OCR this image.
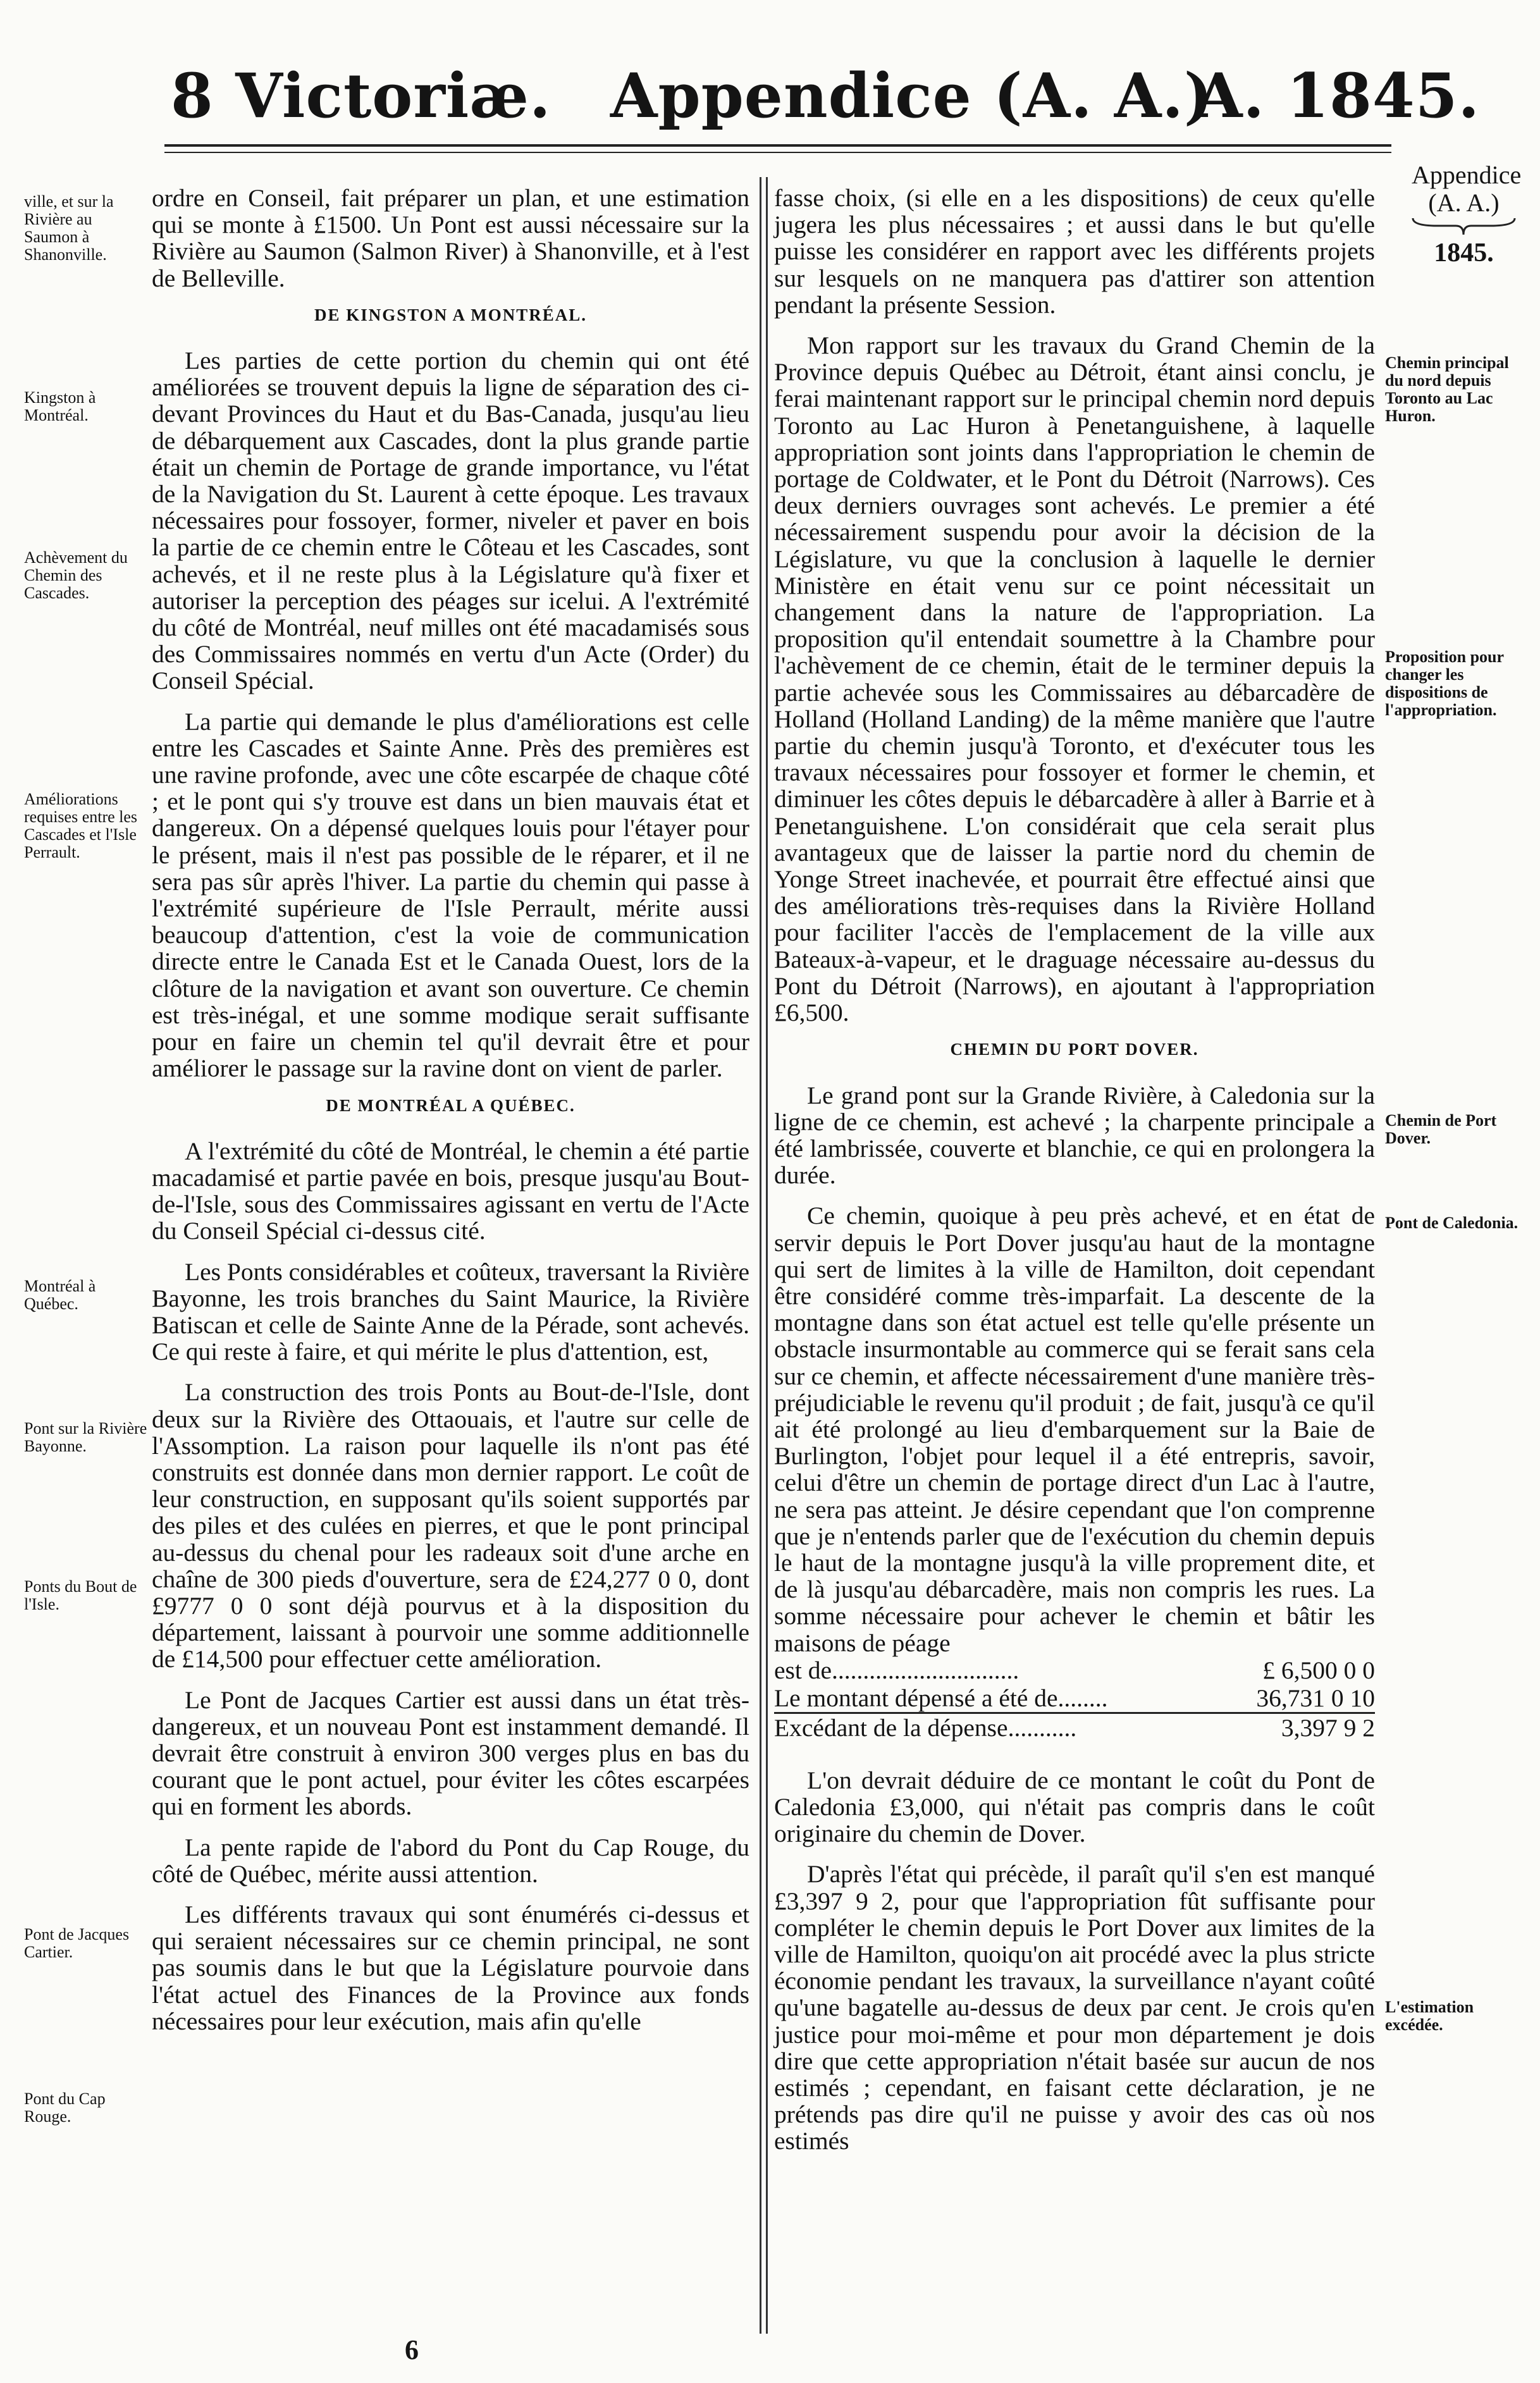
8 Victoriæ. Appendice (A. A.)
A. 1845.
Appendice
(A. A.)
1845.
ville, et sur la Rivière au Saumon à Shanonville.
Kingston à Montréal.
Achèvement du Chemin des Cascades.
Améliorations requises entre les Cascades et l'Isle Perrault.
Montréal à Québec.
Pont sur la Rivière Bayonne.
Ponts du Bout de l'Isle.
Pont de Jacques Cartier.
Pont du Cap Rouge.
Chemin principal du nord depuis Toronto au Lac Huron.
Proposition pour changer les dispositions de l'appropriation.
Chemin de Port Dover.
Pont de Caledonia.
L'estimation excédée.

ordre en Conseil, fait préparer un plan, et une estimation qui se monte à £1500. Un Pont est aussi nécessaire sur la Rivière au Saumon (Salmon River) à Shanonville, et à l'est de Belleville.

DE KINGSTON A MONTRÉAL.

Les parties de cette portion du chemin qui ont été améliorées se trouvent depuis la ligne de séparation des ci-devant Provinces du Haut et du Bas-Canada, jusqu'au lieu de débarquement aux Cascades, dont la plus grande partie était un chemin de Portage de grande importance, vu l'état de la Navigation du St. Laurent à cette époque. Les travaux nécessaires pour fossoyer, former, niveler et paver en bois la partie de ce chemin entre le Côteau et les Cascades, sont achevés, et il ne reste plus à la Législature qu'à fixer et autoriser la perception des péages sur icelui. A l'extrémité du côté de Montréal, neuf milles ont été macadamisés sous des Commissaires nommés en vertu d'un Acte (Order) du Conseil Spécial.

La partie qui demande le plus d'améliorations est celle entre les Cascades et Sainte Anne. Près des premières est une ravine profonde, avec une côte escarpée de chaque côté ; et le pont qui s'y trouve est dans un bien mauvais état et dangereux. On a dépensé quelques louis pour l'étayer pour le présent, mais il n'est pas possible de le réparer, et il ne sera pas sûr après l'hiver. La partie du chemin qui passe à l'extrémité supérieure de l'Isle Perrault, mérite aussi beaucoup d'attention, c'est la voie de communication directe entre le Canada Est et le Canada Ouest, lors de la clôture de la navigation et avant son ouverture. Ce chemin est très-inégal, et une somme modique serait suffisante pour en faire un chemin tel qu'il devrait être et pour améliorer le passage sur la ravine dont on vient de parler.

DE MONTRÉAL A QUÉBEC.

A l'extrémité du côté de Montréal, le chemin a été partie macadamisé et partie pavée en bois, presque jusqu'au Bout-de-l'Isle, sous des Commissaires agissant en vertu de l'Acte du Conseil Spécial ci-dessus cité.

Les Ponts considérables et coûteux, traversant la Rivière Bayonne, les trois branches du Saint Maurice, la Rivière Batiscan et celle de Sainte Anne de la Pérade, sont achevés. Ce qui reste à faire, et qui mérite le plus d'attention, est,

La construction des trois Ponts au Bout-de-l'Isle, dont deux sur la Rivière des Ottaouais, et l'autre sur celle de l'Assomption. La raison pour laquelle ils n'ont pas été construits est donnée dans mon dernier rapport. Le coût de leur construction, en supposant qu'ils soient supportés par des piles et des culées en pierres, et que le pont principal au-dessus du chenal pour les radeaux soit d'une arche en chaîne de 300 pieds d'ouverture, sera de £24,277 0 0, dont £9777 0 0 sont déjà pourvus et à la disposition du département, laissant à pourvoir une somme additionnelle de £14,500 pour effectuer cette amélioration.

Le Pont de Jacques Cartier est aussi dans un état très-dangereux, et un nouveau Pont est instamment demandé. Il devrait être construit à environ 300 verges plus en bas du courant que le pont actuel, pour éviter les côtes escarpées qui en forment les abords.

La pente rapide de l'abord du Pont du Cap Rouge, du côté de Québec, mérite aussi attention.

Les différents travaux qui sont énumérés ci-dessus et qui seraient nécessaires sur ce chemin principal, ne sont pas soumis dans le but que la Législature pourvoie dans l'état actuel des Finances de la Province aux fonds nécessaires pour leur exécution, mais afin qu'elle

fasse choix, (si elle en a les dispositions) de ceux qu'elle jugera les plus nécessaires ; et aussi dans le but qu'elle puisse les considérer en rapport avec les différents projets sur lesquels on ne manquera pas d'attirer son attention pendant la présente Session.

Mon rapport sur les travaux du Grand Chemin de la Province depuis Québec au Détroit, étant ainsi conclu, je ferai maintenant rapport sur le principal chemin nord depuis Toronto au Lac Huron à Penetanguishene, à laquelle appropriation sont joints dans l'appropriation le chemin de portage de Coldwater, et le Pont du Détroit (Narrows). Ces deux derniers ouvrages sont achevés. Le premier a été nécessairement suspendu pour avoir la décision de la Législature, vu que la conclusion à laquelle le dernier Ministère en était venu sur ce point nécessitait un changement dans la nature de l'appropriation. La proposition qu'il entendait soumettre à la Chambre pour l'achèvement de ce chemin, était de le terminer depuis la partie achevée sous les Commissaires au débarcadère de Holland (Holland Landing) de la même manière que l'autre partie du chemin jusqu'à Toronto, et d'exécuter tous les travaux nécessaires pour fossoyer et former le chemin, et diminuer les côtes depuis le débarcadère à aller à Barrie et à Penetanguishene. L'on considérait que cela serait plus avantageux que de laisser la partie nord du chemin de Yonge Street inachevée, et pourrait être effectué ainsi que des améliorations très-requises dans la Rivière Holland pour faciliter l'accès de l'emplacement de la ville aux Bateaux-à-vapeur, et le draguage nécessaire au-dessus du Pont du Détroit (Narrows), en ajoutant à l'appropriation £6,500.

CHEMIN DU PORT DOVER.

Le grand pont sur la Grande Rivière, à Caledonia sur la ligne de ce chemin, est achevé ; la charpente principale a été lambrissée, couverte et blanchie, ce qui en prolongera la durée.

Ce chemin, quoique à peu près achevé, et en état de servir depuis le Port Dover jusqu'au haut de la montagne qui sert de limites à la ville de Hamilton, doit cependant être considéré comme très-imparfait. La descente de la montagne dans son état actuel est telle qu'elle présente un obstacle insurmontable au commerce qui se ferait sans cela sur ce chemin, et affecte nécessairement d'une manière très-préjudiciable le revenu qu'il produit ; de fait, jusqu'à ce qu'il ait été prolongé au lieu d'embarquement sur la Baie de Burlington, l'objet pour lequel il a été entrepris, savoir, celui d'être un chemin de portage direct d'un Lac à l'autre, ne sera pas atteint. Je désire cependant que l'on comprenne que je n'entends parler que de l'exécution du chemin depuis le haut de la montagne jusqu'à la ville proprement dite, et de là jusqu'au débarcadère, mais non compris les rues. La somme nécessaire pour achever le chemin et bâtir les maisons de péage

est de..............................	£ 6,500 0 0
Le montant dépensé a été de........	36,731 0 10
Excédant de la dépense...........	3,397 9 2

L'on devrait déduire de ce montant le coût du Pont de Caledonia £3,000, qui n'était pas compris dans le coût originaire du chemin de Dover.

D'après l'état qui précède, il paraît qu'il s'en est manqué £3,397 9 2, pour que l'appropriation fût suffisante pour compléter le chemin depuis le Port Dover aux limites de la ville de Hamilton, quoiqu'on ait procédé avec la plus stricte économie pendant les travaux, la surveillance n'ayant coûté qu'une bagatelle au-dessus de deux par cent. Je crois qu'en justice pour moi-même et pour mon département je dois dire que cette appropriation n'était basée sur aucun de nos estimés ; cependant, en faisant cette déclaration, je ne prétends pas dire qu'il ne puisse y avoir des cas où nos estimés

6
